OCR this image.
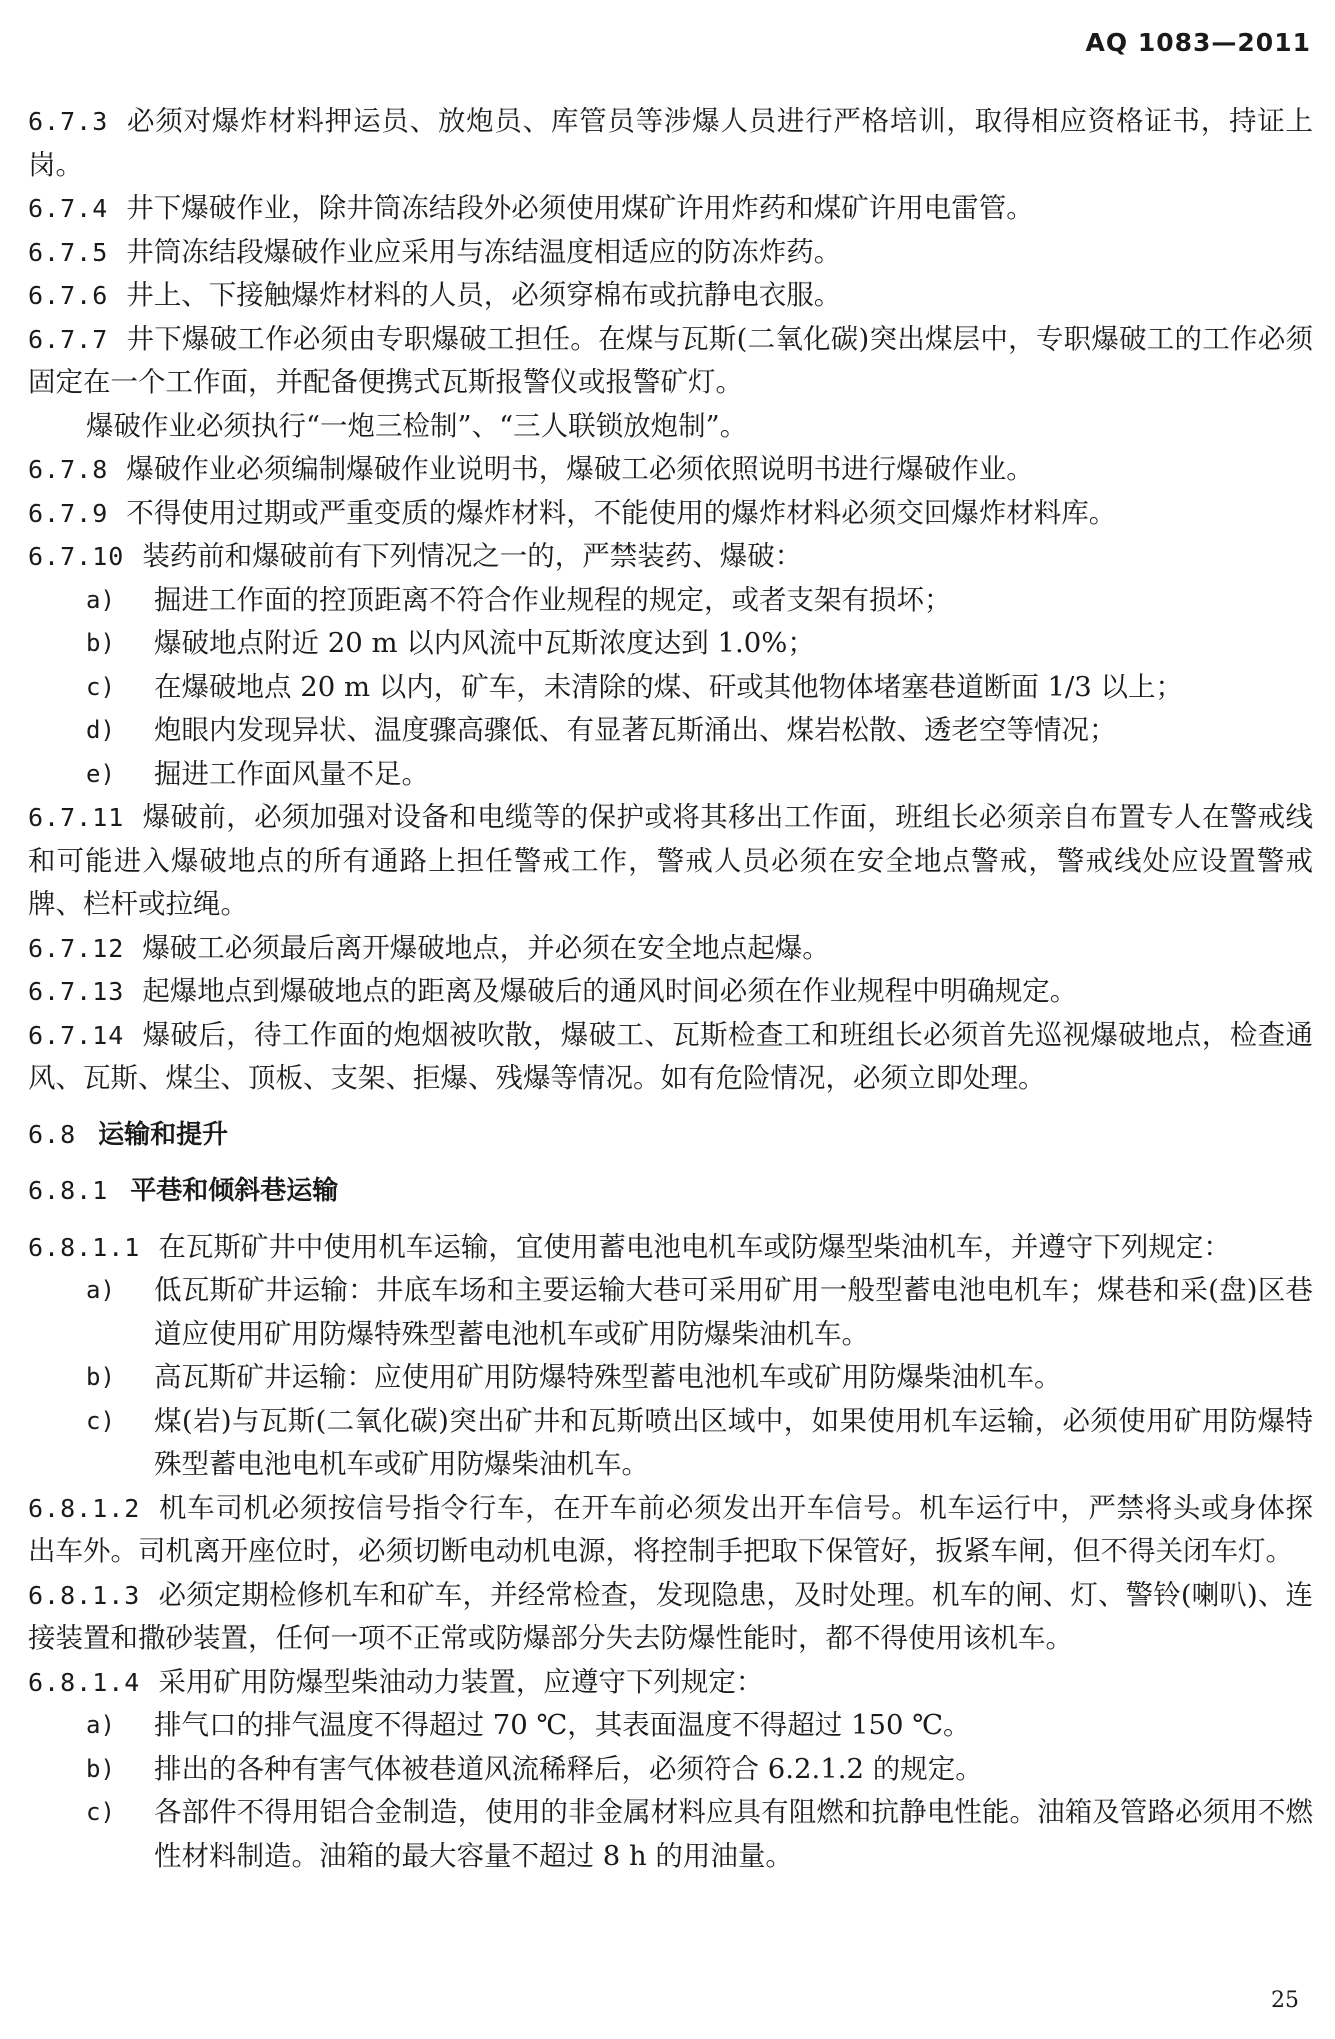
AQ 1083—2011

6.7.3 必须对爆炸材料押运员、放炮员、库管员等涉爆人员进行严格培训，取得相应资格证书，持证上岗。

6.7.4 井下爆破作业，除井筒冻结段外必须使用煤矿许用炸药和煤矿许用电雷管。

6.7.5 井筒冻结段爆破作业应采用与冻结温度相适应的防冻炸药。

6.7.6 井上、下接触爆炸材料的人员，必须穿棉布或抗静电衣服。

6.7.7 井下爆破工作必须由专职爆破工担任。在煤与瓦斯(二氧化碳)突出煤层中，专职爆破工的工作必须固定在一个工作面，并配备便携式瓦斯报警仪或报警矿灯。

爆破作业必须执行“一炮三检制”、“三人联锁放炮制”。

6.7.8 爆破作业必须编制爆破作业说明书，爆破工必须依照说明书进行爆破作业。

6.7.9 不得使用过期或严重变质的爆炸材料，不能使用的爆炸材料必须交回爆炸材料库。

6.7.10 装药前和爆破前有下列情况之一的，严禁装药、爆破：

a)	掘进工作面的控顶距离不符合作业规程的规定，或者支架有损坏；
b)	爆破地点附近 20 m 以内风流中瓦斯浓度达到 1.0%；
c)	在爆破地点 20 m 以内，矿车，未清除的煤、矸或其他物体堵塞巷道断面 1/3 以上；
d)	炮眼内发现异状、温度骤高骤低、有显著瓦斯涌出、煤岩松散、透老空等情况；
e)	掘进工作面风量不足。

6.7.11 爆破前，必须加强对设备和电缆等的保护或将其移出工作面，班组长必须亲自布置专人在警戒线和可能进入爆破地点的所有通路上担任警戒工作，警戒人员必须在安全地点警戒，警戒线处应设置警戒牌、栏杆或拉绳。

6.7.12 爆破工必须最后离开爆破地点，并必须在安全地点起爆。

6.7.13 起爆地点到爆破地点的距离及爆破后的通风时间必须在作业规程中明确规定。

6.7.14 爆破后，待工作面的炮烟被吹散，爆破工、瓦斯检查工和班组长必须首先巡视爆破地点，检查通风、瓦斯、煤尘、顶板、支架、拒爆、残爆等情况。如有危险情况，必须立即处理。

6.8 运输和提升
6.8.1 平巷和倾斜巷运输

6.8.1.1 在瓦斯矿井中使用机车运输，宜使用蓄电池电机车或防爆型柴油机车，并遵守下列规定：

a)	低瓦斯矿井运输：井底车场和主要运输大巷可采用矿用一般型蓄电池电机车；煤巷和采(盘)区巷道应使用矿用防爆特殊型蓄电池机车或矿用防爆柴油机车。
b)	高瓦斯矿井运输：应使用矿用防爆特殊型蓄电池机车或矿用防爆柴油机车。
c)	煤(岩)与瓦斯(二氧化碳)突出矿井和瓦斯喷出区域中，如果使用机车运输，必须使用矿用防爆特殊型蓄电池电机车或矿用防爆柴油机车。

6.8.1.2 机车司机必须按信号指令行车，在开车前必须发出开车信号。机车运行中，严禁将头或身体探出车外。司机离开座位时，必须切断电动机电源，将控制手把取下保管好，扳紧车闸，但不得关闭车灯。

6.8.1.3 必须定期检修机车和矿车，并经常检查，发现隐患，及时处理。机车的闸、灯、警铃(喇叭)、连接装置和撒砂装置，任何一项不正常或防爆部分失去防爆性能时，都不得使用该机车。

6.8.1.4 采用矿用防爆型柴油动力装置，应遵守下列规定：

a)	排气口的排气温度不得超过 70 ℃，其表面温度不得超过 150 ℃。
b)	排出的各种有害气体被巷道风流稀释后，必须符合 6.2.1.2 的规定。
c)	各部件不得用铝合金制造，使用的非金属材料应具有阻燃和抗静电性能。油箱及管路必须用不燃性材料制造。油箱的最大容量不超过 8 h 的用油量。
25
